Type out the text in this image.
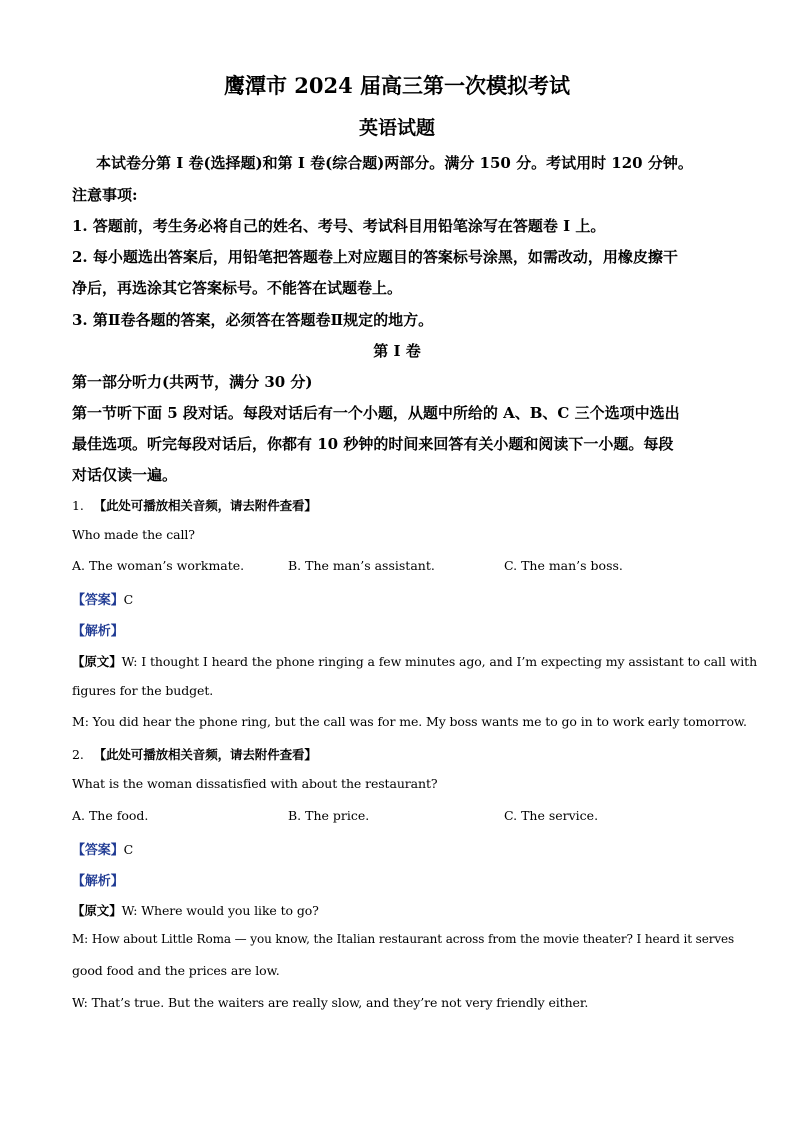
鹰潭市 2024 届高三第一次模拟考试
英语试题
本试卷分第 I 卷(选择题)和第 I 卷(综合题)两部分。满分 150 分。考试用时 120 分钟。
注意事项:
1. 答题前，考生务必将自己的姓名、考号、考试科目用铅笔涂写在答题卷 I 上。
2. 每小题选出答案后，用铅笔把答题卷上对应题目的答案标号涂黑，如需改动，用橡皮擦干
净后，再选涂其它答案标号。不能答在试题卷上。
3. 第Ⅱ卷各题的答案，必须答在答题卷Ⅱ规定的地方。
第 I 卷
第一部分听力(共两节，满分 30 分)
第一节听下面 5 段对话。每段对话后有一个小题，从题中所给的 A、B、C 三个选项中选出
最佳选项。听完每段对话后，你都有 10 秒钟的时间来回答有关小题和阅读下一小题。每段
对话仅读一遍。
1. 【此处可播放相关音频，请去附件查看】
Who made the call?
A. The woman’s workmate.	B. The man’s assistant.	C. The man’s boss.
【答案】C
【解析】
【原文】W: I thought I heard the phone ringing a few minutes ago, and I’m expecting my assistant to call with
figures for the budget.
M: You did hear the phone ring, but the call was for me. My boss wants me to go in to work early tomorrow.
2. 【此处可播放相关音频，请去附件查看】
What is the woman dissatisfied with about the restaurant?
A. The food.	B. The price.	C. The service.
【答案】C
【解析】
【原文】W: Where would you like to go?
M: How about Little Roma — you know, the Italian restaurant across from the movie theater? I heard it serves
good food and the prices are low.
W: That’s true. But the waiters are really slow, and they’re not very friendly either.
